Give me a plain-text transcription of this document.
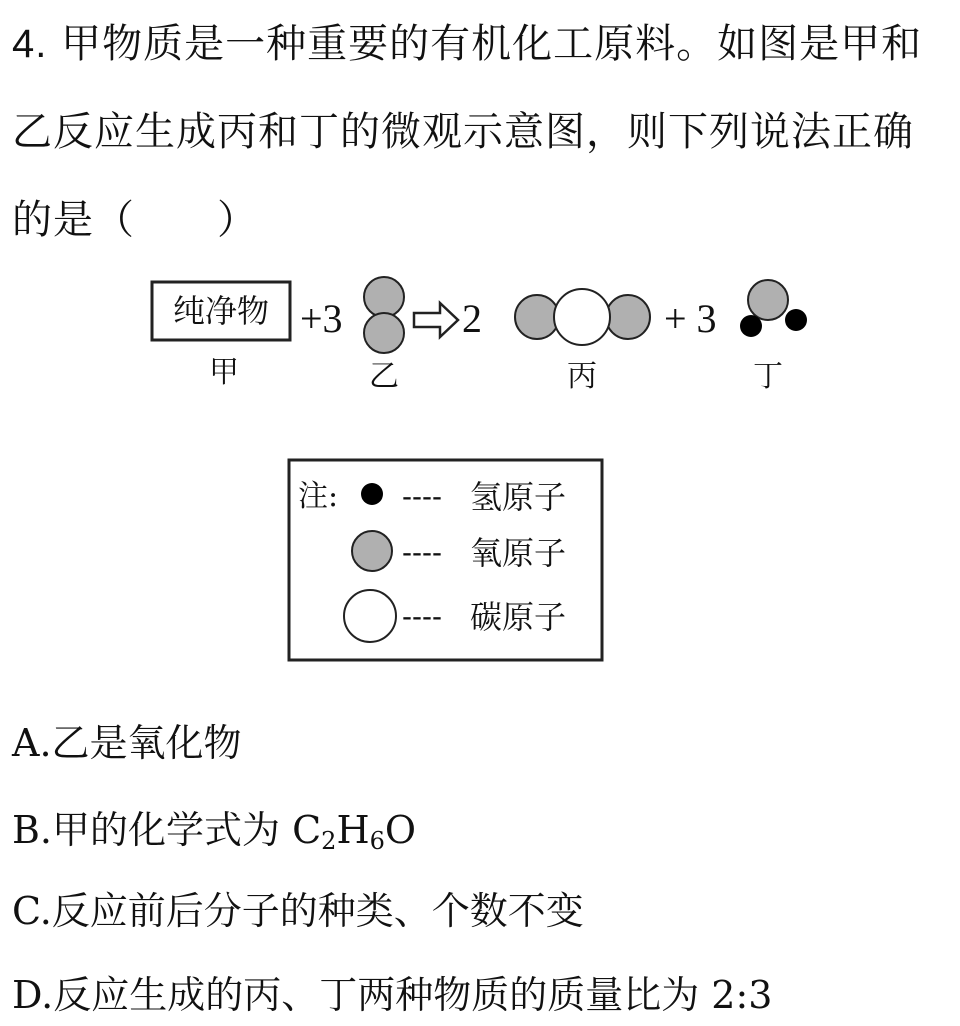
4. 甲物质是一种重要的有机化工原料。如图是甲和乙反应生成丙和丁的微观示意图，则下列说法正确的是（　　）
纯净物 +3	2	+ 3
甲	乙	丙	丁
注: ---- 氢原子
---- 氧原子
---- 碳原子
A.乙是氧化物
B.甲的化学式为 $C_2H_6O$
C.反应前后分子的种类、个数不变
D.反应生成的丙、丁两种物质的质量比为 2:3
